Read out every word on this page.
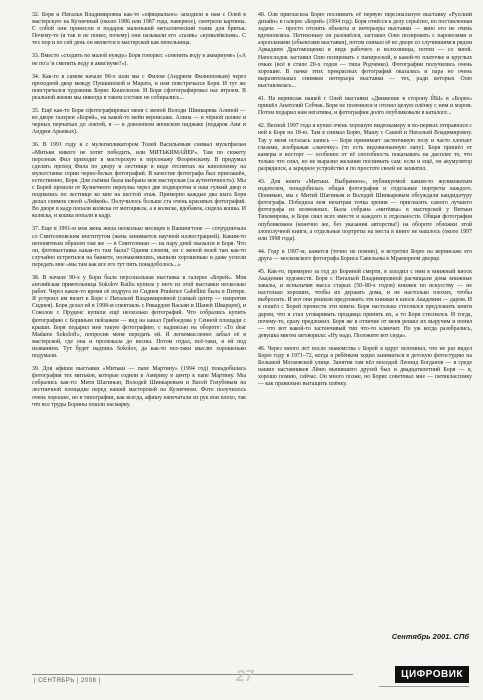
32. Боря и Наталья Владимировна как-то «официально» заходили к нам с Олей в мастерскую на Кузнечный (около 1986 или 1987 года, наверное), смотрели картины. С собой они принесли в подарок маленький металлический тазик для бритья. Почему-то (я так и не понял, почему) они называли его «тазик» «кумилёвским». С тех пор и по сей день он является в мастерской как пепельница.

33. Вместо «сходить по малой нужде» Боря говорил: «сменить воду в аквариуме» («А не по'а 'и сменить воду в аква'иуме?»).

34. Как-то в самом начале 90-х шли мы с Филом (Андреем Филипповым) через проходной двор между Пушкинской и Марата, и нам повстречался Боря. И тут же повстречался художник Борис Кошелохов. И Боря сфотографировал нас втроем. В реальной жизни мы никогда в таком составе не собирались...

35. Ещё как-то Боря сфотографировал меня с женой Володи Шинкарева Алиной — во дворе галереи «Борей», на какой-то мейн вернисаже. Алина — в чёрной шляпе и черных перчатках до локтей, я — в довоенном японском пиджаке (подарок Ани и Андрея Арьевых).

36. В 1991 году я с мультипликатором Толей Васильевым снимал мультфильм «Митьки никого не хотят победить, или МИТЬКИМАЙЕР». Там по сюжету персонаж Фил приходит в мастерскую к персонажу Флоренскому. В придумал сделать проход Фила по двору и лестнице в виде отснятых на кинопленку на мультстанке серии черно-белых фотографий. В качестве фотографа был приглашён, естественно, Боря. Для съёмки была выбрана моя мастерская (за аутентичность). Мы с Борей прошли от Кузнечного переулка через две подворотни в наш гулкий двор и поднялись по лестнице ко мне на шестой этаж. Примерно каждые два шага Боря делал снимок своей «Лейкой». Получилось больше ста очень красивых фотографий. Во дворе в кадр попали коляска от мотоцикла, а в коляске, вдобавок, сидела кошка. И коляска, и кошка попали в кадр.

37. Еще в 1991-м моя жена жила несколько месяцев в Вашингтоне — сотрудничала со Смитсоновским институтом (жена занимается научной иллюстрацией). Каким-то непонятным образом там же — в Смитсониан — на пару дней оказался и Боря. Что он, фотовыставка какая-то там была? Одним словом, он с женой моей там как-то случайно встретился на банкете, познакомились, выпили хорошенько и даже успели передать мне «мы там как все его тут пять понадоболось...»

38. В начале 90-х у Бори была персональная выставка в галерее «Борей». Моя английская приятельница Sokolov Ratliu купила у него из этой выставки несколько работ. Через какое-то время её подруга из Сиднея Prudence Gabellini была в Питере. Я устроил им визит к Боре с Натальей Владимировной (самый центр — напротив Сиднея). Боря делал ей в 1998-м спектакль с Рикардом Васьяи и Шаней Шварцем), и Соколов с Пруденс купили ещё несколько фотографий. Что собрались купить фотографию с Бориным пейзажем — вид на канал Грибоедова у Сенной площади с крыши. Боря подарил мне такую фотографию, с надписью на обороте: «To dear Madame Sokoloff», попросив меня передать ей. Я легкомысленно забыл её в мастерской, где она и пролежала до весны. Потом отдал, всё-таки, я ей под названием. Тут будет надпись Sokolov, да как-то все-таки мыслю хорошенько подумали.

39. Для афиши выставки «Митьки — папе Мартину» (1994 год) понадобилась фотография тех митьков, которые ездили в Америку в центр к папе Мартину. Мы собрались как-то: Митя Шагинын, Володей Шинкаревым и Васей Голубевым на лестничной площадке перед нашей мастерской на Кузнечном. Фото получилось очень хорошее, но в типографии, как всегда, афишу напечатали из рук вон плохо, так что все труды Борины пошли насмарку.

40. Оля пригласила Борю поснимать её первую персональную выставку «Русский дизайн» в галерее «Борей» (1994 год). Боря отнёсся к делу серьёзно, но поставленная задача — просто отснять объекты и интерьеры выставки — явно его не очень вдохновляла. Потихоньку он разошёлся, заставил Олю позировать с паровозами и аэропланами (объектами выставки), потом снимал её во дворе со случившимся рядом Аркадием Драгомощенко в виде рабочего и колхозницы, потом — со мной. Напоследок заставил Олю позировать с папироской, в какой-то платочке и круглых очках (всё в стиле 20-х годов — типа Родченко). Фотографии получились очень хорошие. В пачке этих прекрасных фотографий оказалась и пара но очень выразительных снимков интерьера выставки — тех, ради которых Олю выставлялась...

41. На вернисаж нашей с Олей выставки «Движение в сторону ЙЫ» в «Борее» пришёл Анатолий Собчак. Боря не поленился и отснял целую плёнку с ним и мэром. Потом подарил нам негативы, и фотографии долго опубликовали в каталоге...

42. Весной 1997 года я купил очень хорошую видеокамеру и во-первых отправился с ней к Боре на 18-ю. Там я снимал Борю, Машу с Сашей и Натальей Владимировну. Тау у меня осталась запись — Боря принимает застенчивую позу и часто хлопает глазами, изображая «лапочку» (то есть видовизнанную лапу). Боря пришёл от камеры в восторг — особенно от её способность показывать на дисплее то, что только что снял, но не выразил желания поснимать сам: если и ещё, он акумулятор разрядился, а зарядное устройство я по простоте своей не захватил.

43. Для книги «Митьки. Выбранное», публикуемой каким-то жуликоватым издателем, понадобилась общая фотография и отдельные портреты каждого. Понимаю, мы с Митей Шагиным и Володей Шинкаревым обсуждали кандидатуру фотографа. Победила моя нехитрая точка зрения — пригласить самого лучшего фотографа из возможных. Была собрана «митёвка» в мастерской у Витьки Тихомирова, и Боря снял всех вместе и каждого в отдельности. Общая фотография опубликована (конечно же, без указания авторства!) на обороте обложки этой злополучной книги, а отдельные портреты на места в книге не нашлось (около 1997 или 1998 года).

44. Году в 1997-м, кажется (точно не помню), я встретил Борю на вернисаже его друга — московского фотографа Бориса Савельева в Мраморном дворце.

45. Как-то, примерно за год до Бориной смерти, я заходил с ним в книжный киоск Академии художеств. Боря с Натальей Владимировной расчищали дома книжные завалы, и вспыльчив масса старых (50–80-х годов) книжек по искусству — не настолько хороших, чтобы их держать дома, и не настолько плохих, чтобы выбросить. И вот они решили предложить эти книжки в киоск Академии — даром. И я пошёл с Борей пронести эти книги. Боря настолько стеснялся предложить книги даром, что я стал уговаривать продавца принять их, а то Боря стеснялся. И тогда, почему-то, сразу предложил. Боря же в отличие от меня решил их выручим и понял — что вот какой-то застенчивый тип что-то клянчит. Но уж когда разобрались, девушка мигом заговорила: «Ну надо. Положите вот сюда».

46. Через много лет после знакомства с Борей я вдруг вспомнил, что не раз видел Борю году в 1971–72, когда я ребёнком ходил заниматься в детскую фотостудию на Большой Московской улице. Занятия там вёл молодой Леонид Богданов — в среде наших наставников Лёню выпившего друзей был и двадцатилетний Боря — я, хорошо помню, сейчас. Он много позже, но Борис советовал мне — пятикласснику — как правильно вытащить плёнку.

Сентябрь 2001. СПб
| СЕНТЯБРЬ | 2008 |	27	ЦИФРОВИК
